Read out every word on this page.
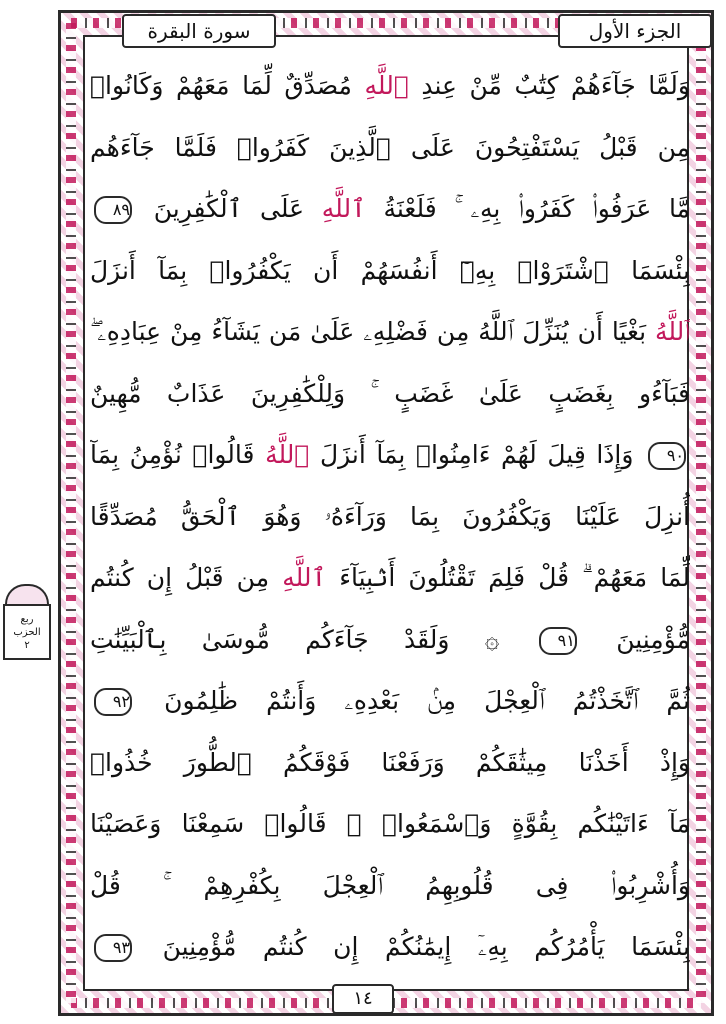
الجزء الأول
سورة البقرة
ربع
الحزب
٢
وَلَمَّا جَآءَهُمْ كِتَٰبٌ مِّنْ عِندِ ٱللَّهِ مُصَدِّقٌ لِّمَا مَعَهُمْ وَكَانُوا۟
مِن قَبْلُ يَسْتَفْتِحُونَ عَلَى ٱلَّذِينَ كَفَرُوا۟ فَلَمَّا جَآءَهُم
مَّا عَرَفُوا۟ كَفَرُوا۟ بِهِۦ ۚ فَلَعْنَةُ ٱللَّهِ عَلَى ٱلْكَٰفِرِينَ ٨٩
بِئْسَمَا ٱشْتَرَوْا۟ بِهِۦٓ أَنفُسَهُمْ أَن يَكْفُرُوا۟ بِمَآ أَنزَلَ
ٱللَّهُ بَغْيًا أَن يُنَزِّلَ ٱللَّهُ مِن فَضْلِهِۦ عَلَىٰ مَن يَشَآءُ مِنْ عِبَادِهِۦ ۖ
فَبَآءُو بِغَضَبٍ عَلَىٰ غَضَبٍ ۚ وَلِلْكَٰفِرِينَ عَذَابٌ مُّهِينٌ
٩٠ وَإِذَا قِيلَ لَهُمْ ءَامِنُوا۟ بِمَآ أَنزَلَ ٱللَّهُ قَالُوا۟ نُؤْمِنُ بِمَآ
أُنزِلَ عَلَيْنَا وَيَكْفُرُونَ بِمَا وَرَآءَهُۥ وَهُوَ ٱلْحَقُّ مُصَدِّقًا
لِّمَا مَعَهُمْ ۗ قُلْ فَلِمَ تَقْتُلُونَ أَنۢبِيَآءَ ٱللَّهِ مِن قَبْلُ إِن كُنتُم
مُّؤْمِنِينَ ٩١ ۞ وَلَقَدْ جَآءَكُم مُّوسَىٰ بِٱلْبَيِّنَٰتِ
ثُمَّ ٱتَّخَذْتُمُ ٱلْعِجْلَ مِنۢ بَعْدِهِۦ وَأَنتُمْ ظَٰلِمُونَ ٩٢
وَإِذْ أَخَذْنَا مِيثَٰقَكُمْ وَرَفَعْنَا فَوْقَكُمُ ٱلطُّورَ خُذُوا۟
مَآ ءَاتَيْنَٰكُم بِقُوَّةٍ وَٱسْمَعُوا۟ ۖ قَالُوا۟ سَمِعْنَا وَعَصَيْنَا
وَأُشْرِبُوا۟ فِى قُلُوبِهِمُ ٱلْعِجْلَ بِكُفْرِهِمْ ۚ قُلْ
بِئْسَمَا يَأْمُرُكُم بِهِۦٓ إِيمَٰنُكُمْ إِن كُنتُم مُّؤْمِنِينَ ٩٣
١٤
